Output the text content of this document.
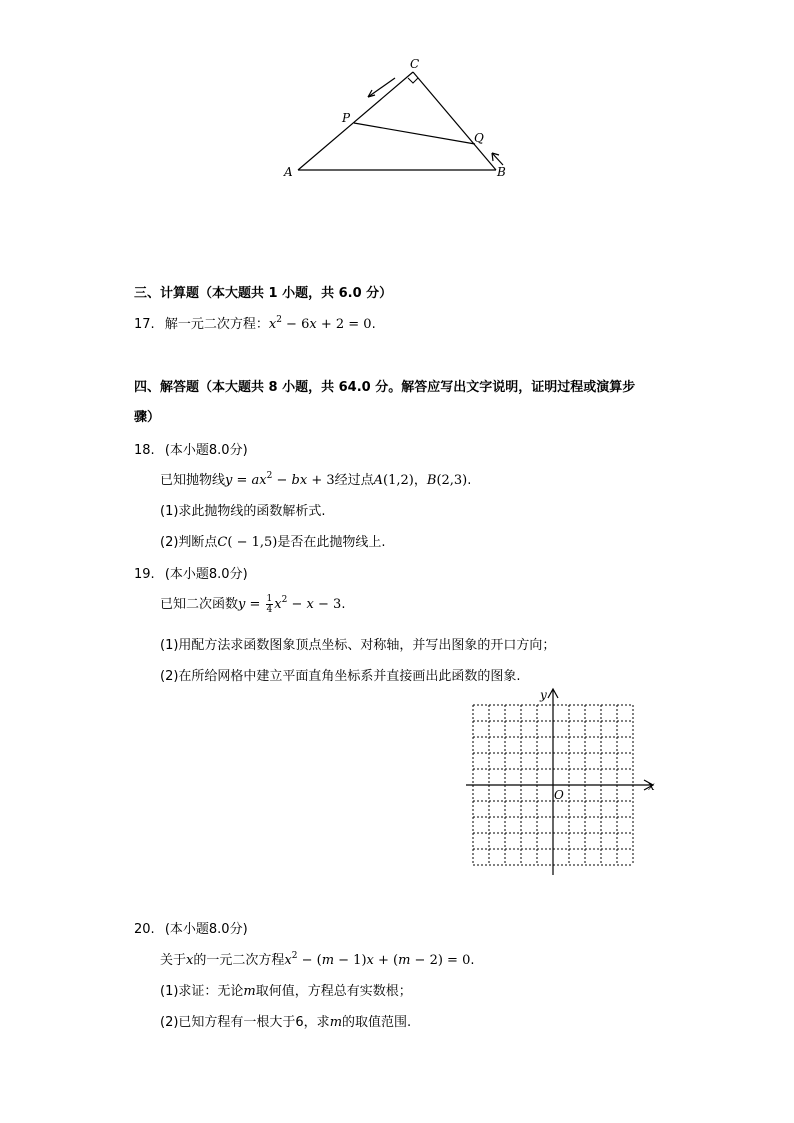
A	B
C
P
Q
三、计算题（本大题共 1 小题，共 6.0 分）
17. 解一元二次方程：$x^2 - 6x + 2 = 0$.
四、解答题（本大题共 8 小题，共 64.0 分。解答应写出文字说明，证明过程或演算步
骤）
18. (本小题8.0分)
已知抛物线$y = ax^2$ − bx + 3经过点A(1,2)，B(2,3).
(1)求此抛物线的函数解析式.
(2)判断点C( − 1,5)是否在此抛物线上.
19. (本小题8.0分)
已知二次函数$y = \frac{1}{4} x^2 - x - 3$.
(1)用配方法求函数图象顶点坐标、对称轴，并写出图象的开口方向；
(2)在所给网格中建立平面直角坐标系并直接画出此函数的图象.
x
y
O
20. (本小题8.0分)
关于x的一元二次方程$x^2 - (m - 1)x + (m - 2) = 0$.
(1)求证：无论m取何值，方程总有实数根；
(2)已知方程有一根大于6，求m的取值范围.
